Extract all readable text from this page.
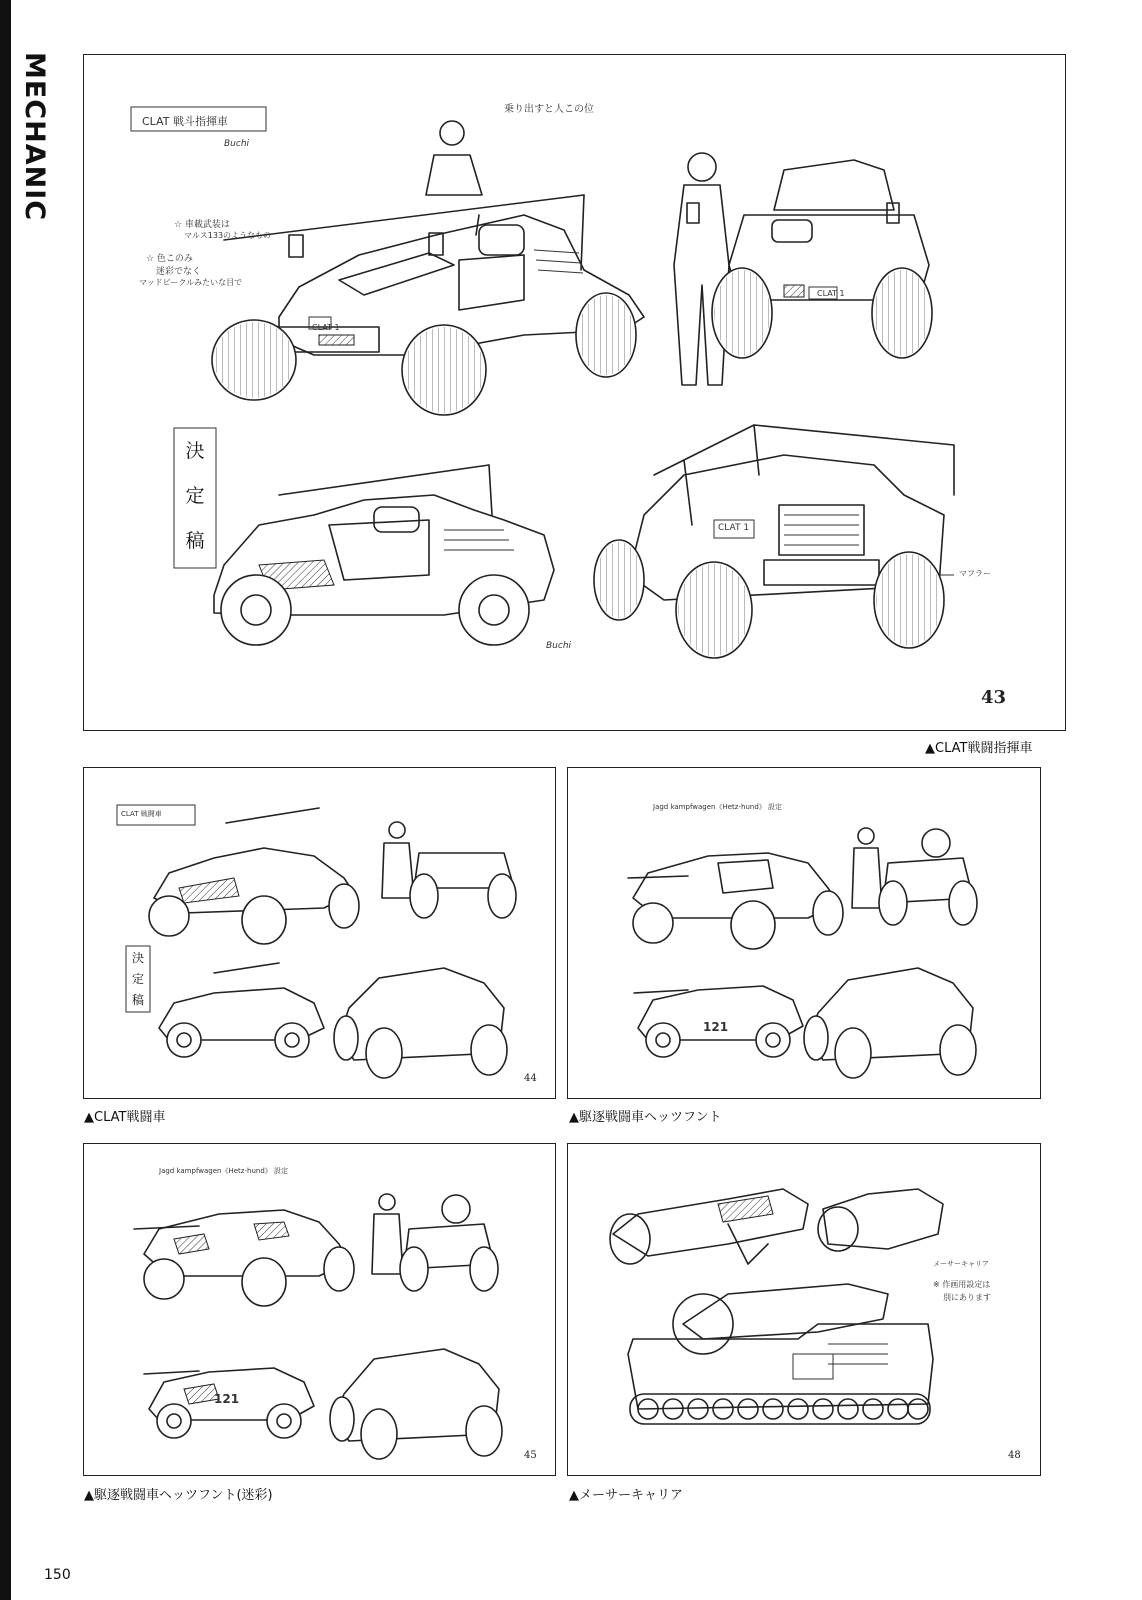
MECHANIC	CLAT 戦斗指揮車
Buchi
乗り出すと人この位
☆ 車載武装は
マルス133のようなもの
☆ 色このみ
迷彩でなく
マッドビークルみたいな目で
CLAT 1
CLAT 1
CLAT 1
マフラー
Buchi
決
定
稿
43
▲CLAT戦闘指揮車
CLAT 戦闘車
決
定
稿
44
▲CLAT戦闘車
Jagd kampfwagen《Hetz-hund》 設定
121
▲駆逐戦闘車ヘッツフント
Jagd kampfwagen《Hetz-hund》 設定
121
45
▲駆逐戦闘車ヘッツフント(迷彩)
メーサーキャリア
※ 作画用設定は
別にあります
48
▲メーサーキャリア
150
